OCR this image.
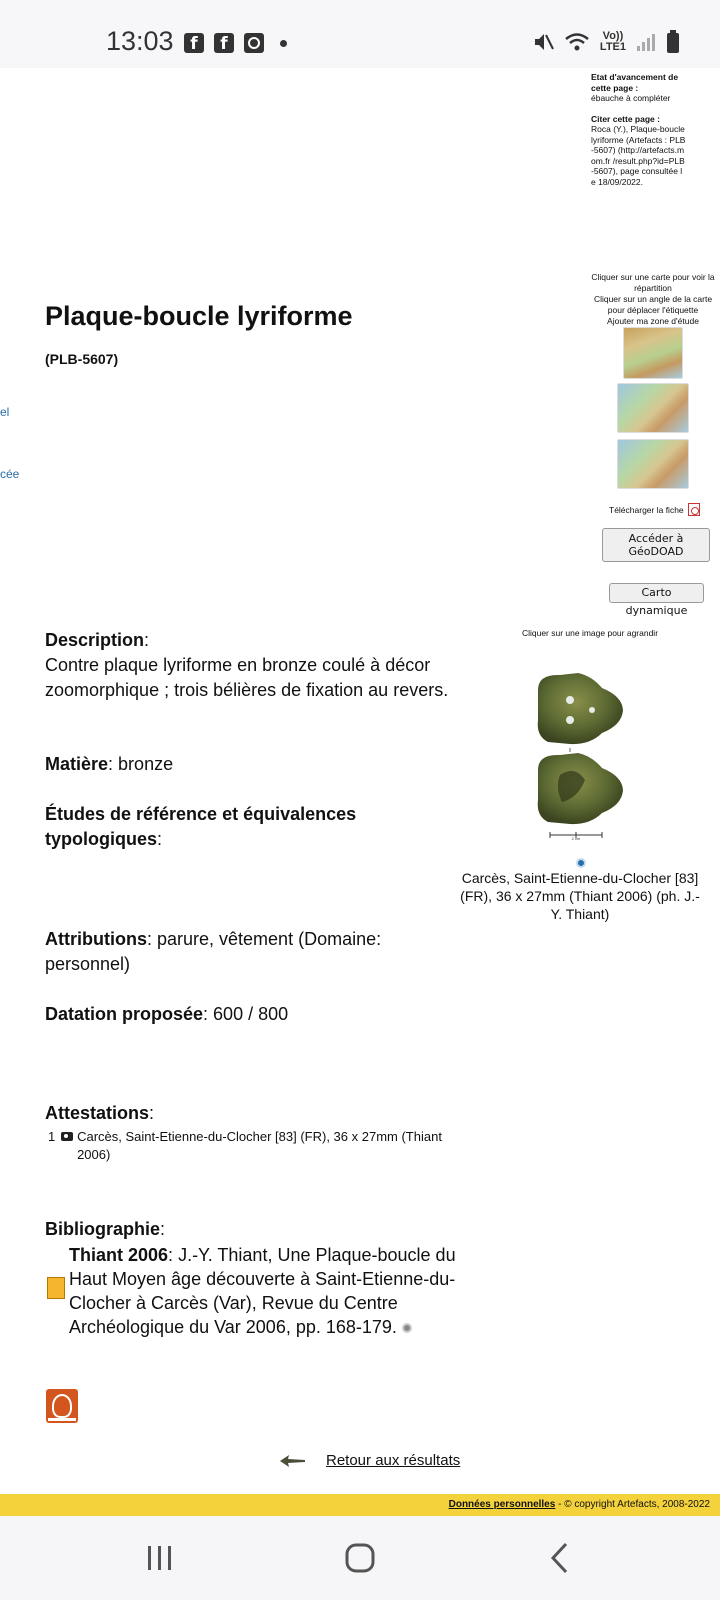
13:03 f	f	Vo))
LTE1
el
cée
Plaque-boucle lyriforme
(PLB-5607)
Etat d'avancement de cette page :
ébauche à compléter
Citer cette page :
Roca (Y.), Plaque-boucle lyriforme (Artefacts : PLB-5607) (http://artefacts.mom.fr /result.php?id=PLB-5607), page consultée le 18/09/2022.
Cliquer sur une carte pour voir la répartition
Cliquer sur un angle de la carte pour déplacer l'étiquette
Ajouter ma zone d'étude
Télécharger la fiche
Accéder à GéoDOAD
Carto dynamique
Description:
Contre plaque lyriforme en bronze coulé à décor zoomorphique ; trois bélières de fixation au revers.
Matière: bronze
Études de référence et équivalences typologiques:
Attributions: parure, vêtement (Domaine: personnel)
Datation proposée: 600 / 800
Attestations:
1 Carcès, Saint-Etienne-du-Clocher [83] (FR), 36 x 27mm (Thiant 2006)
Bibliographie:
Thiant 2006: J.-Y. Thiant, Une Plaque-boucle du Haut Moyen âge découverte à Saint-Etienne-du-Clocher à Carcès (Var), Revue du Centre Archéologique du Var 2006, pp. 168-179.
Cliquer sur une image pour agrandir
2 cm
Carcès, Saint-Etienne-du-Clocher [83] (FR), 36 x 27mm (Thiant 2006) (ph. J.-Y. Thiant)
Retour aux résultats
Données personnelles - © copyright Artefacts, 2008-2022
